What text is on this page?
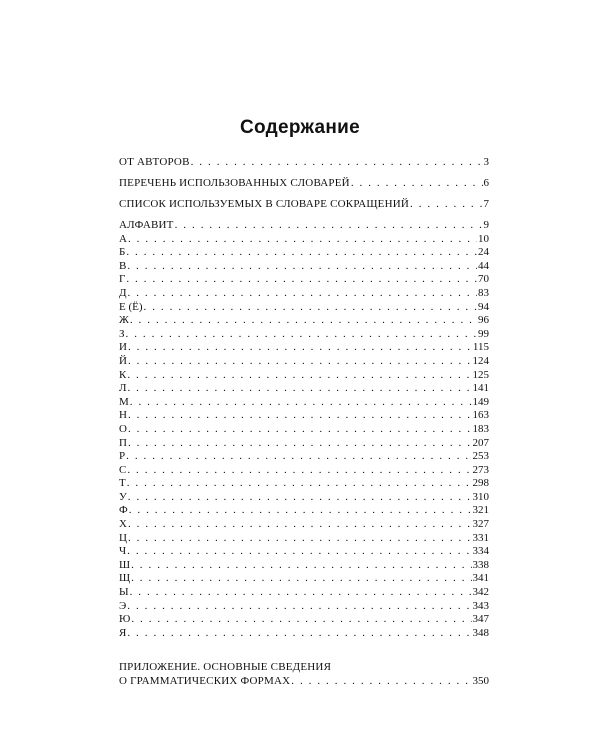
Содержание
ОТ АВТОРОВ . . .	3
ПЕРЕЧЕНЬ ИСПОЛЬЗОВАННЫХ СЛОВАРЕЙ . . .	6
СПИСОК ИСПОЛЬЗУЕМЫХ В СЛОВАРЕ СОКРАЩЕНИЙ . . .	7
АЛФАВИТ . . .	9
А . . .	10
Б . . .	24
В . . .	44
Г . . .	70
Д . . .	83
Е (Ё) . . .	94
Ж . . .	96
З . . .	99
И . . .	115
Й . . .	124
К . . .	125
Л . . .	141
М . . .	149
Н . . .	163
О . . .	183
П . . .	207
Р . . .	253
С . . .	273
Т . . .	298
У . . .	310
Ф . . .	321
Х . . .	327
Ц . . .	331
Ч . . .	334
Ш . . .	338
Щ . . .	341
Ы . . .	342
Э . . .	343
Ю . . .	347
Я . . .	348
ПРИЛОЖЕНИЕ. ОСНОВНЫЕ СВЕДЕНИЯ
О ГРАММАТИЧЕСКИХ ФОРМАХ . . .	350
